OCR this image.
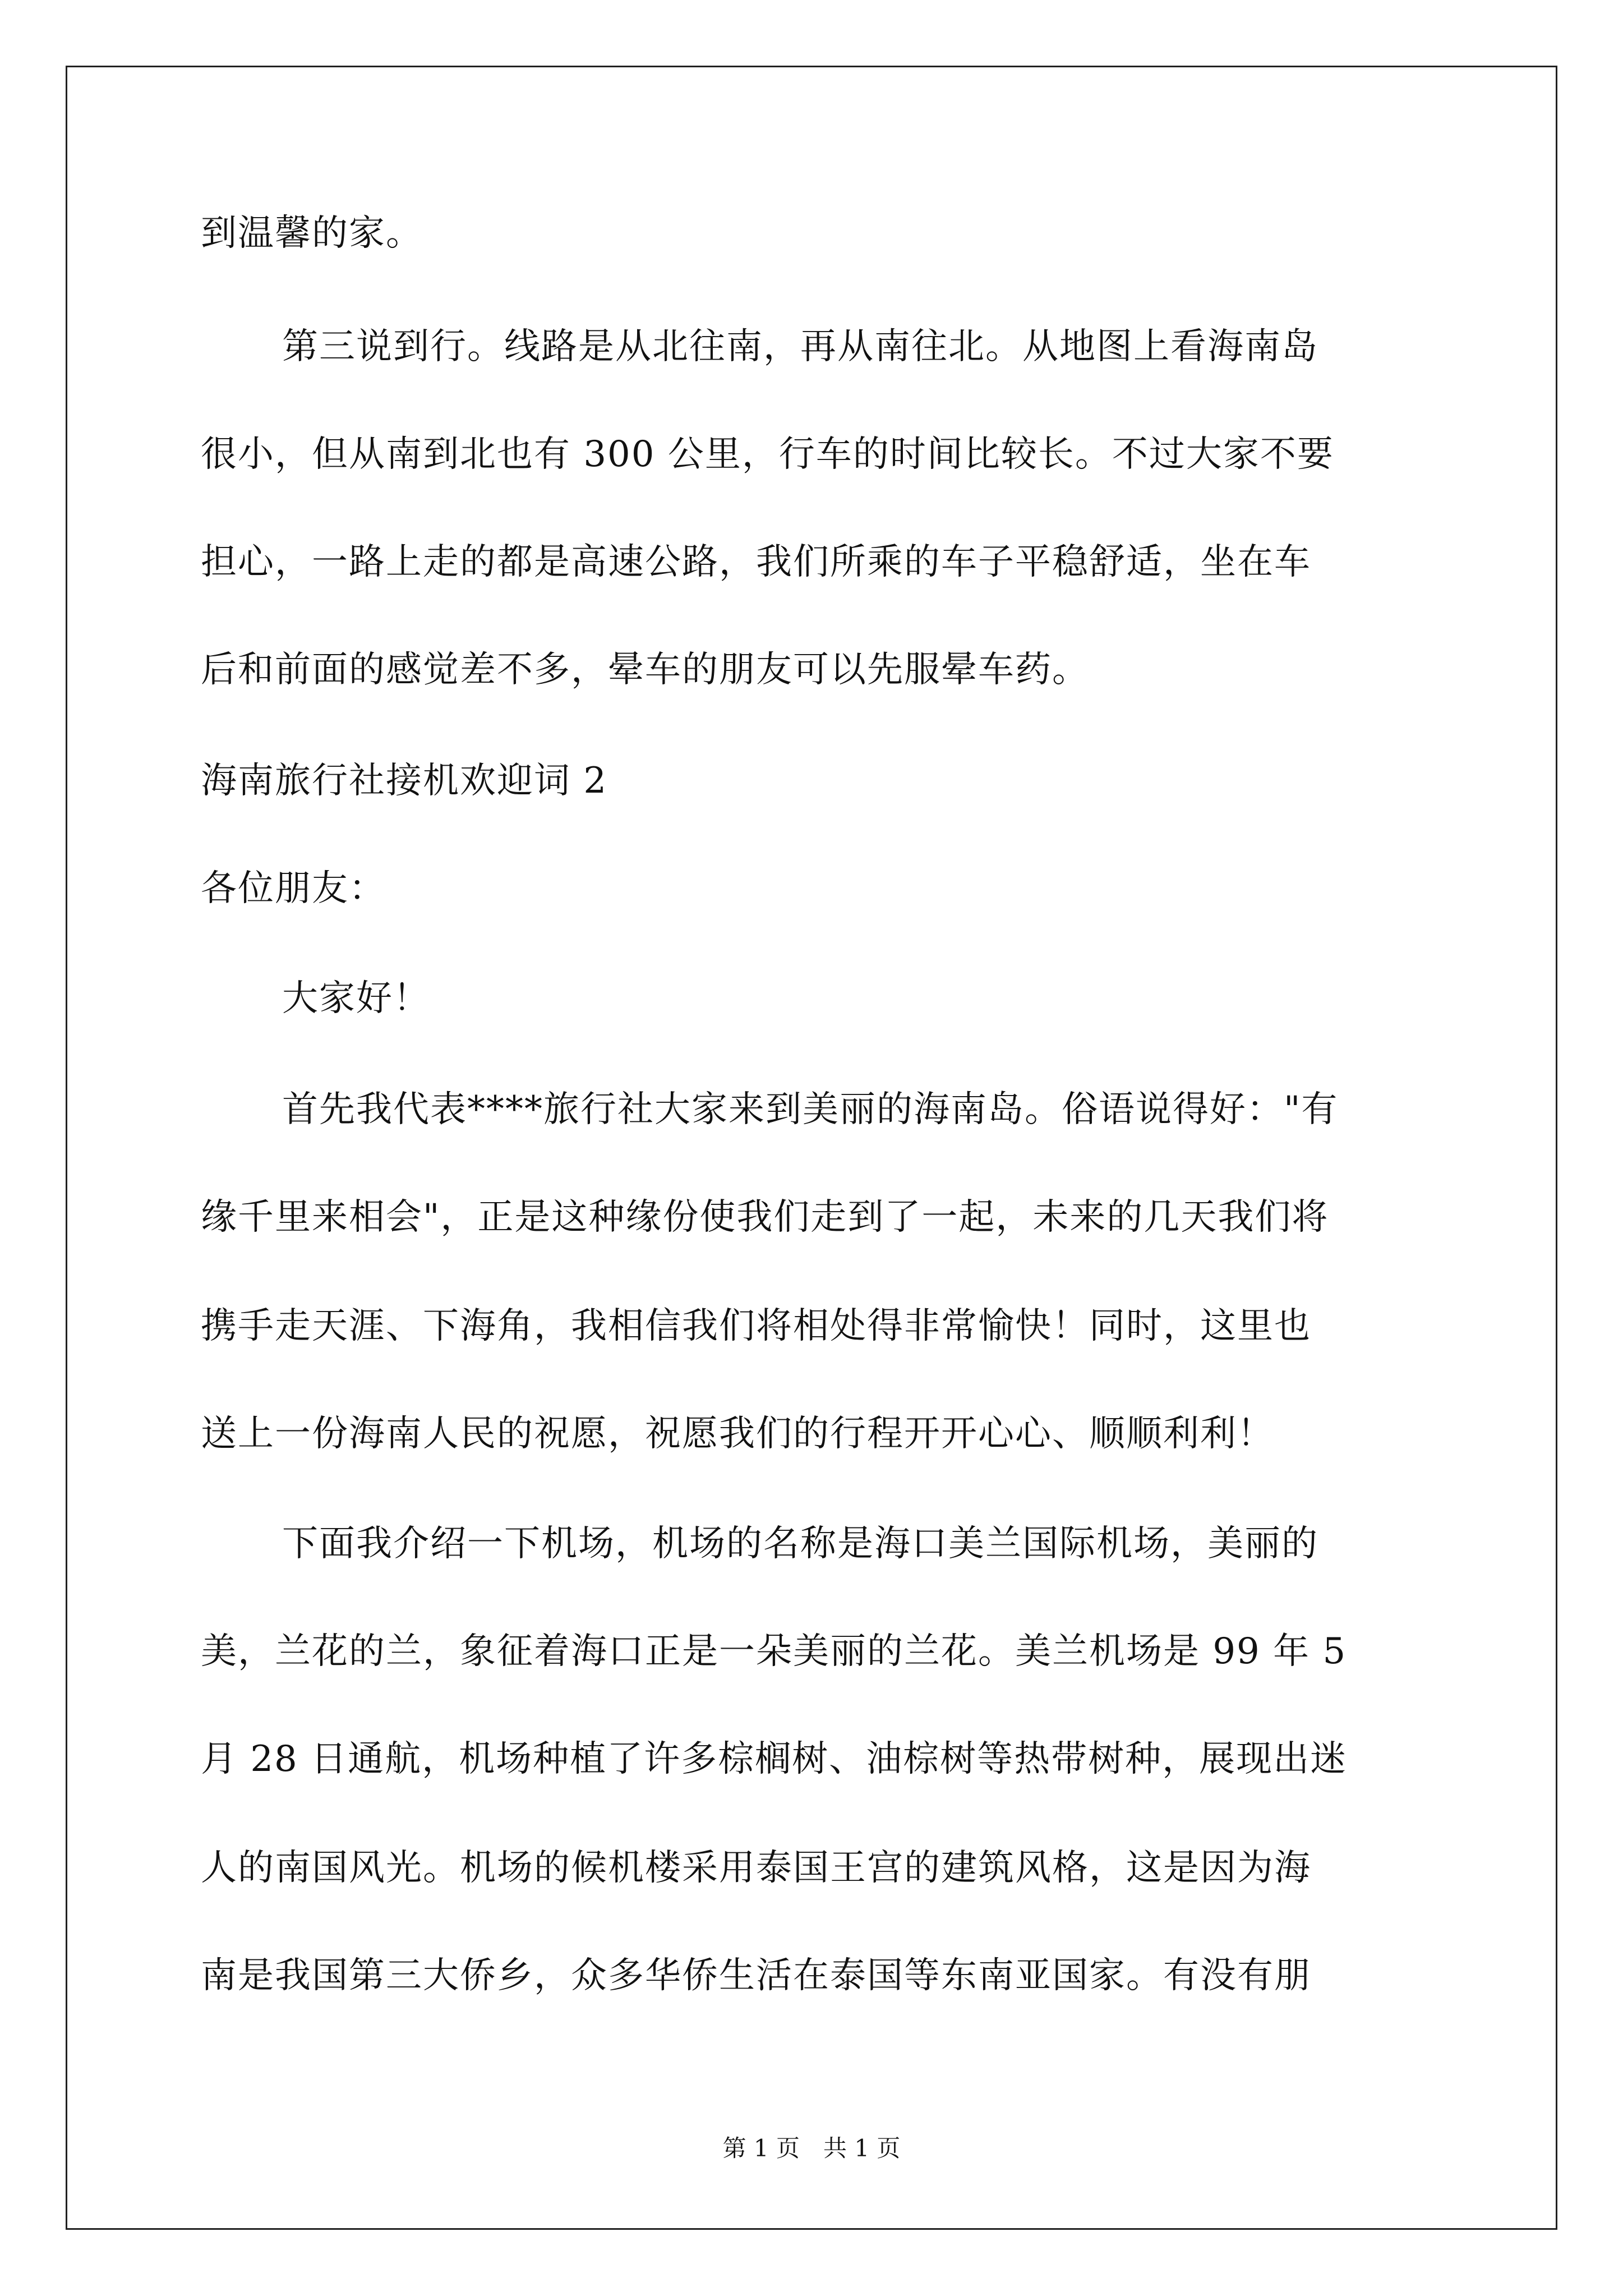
到温馨的家。
第三说到行。线路是从北往南，再从南往北。从地图上看海南岛
很小，但从南到北也有 300 公里，行车的时间比较长。不过大家不要
担心，一路上走的都是高速公路，我们所乘的车子平稳舒适，坐在车
后和前面的感觉差不多，晕车的朋友可以先服晕车药。
海南旅行社接机欢迎词 2
各位朋友：
大家好！
首先我代表****旅行社大家来到美丽的海南岛。俗语说得好："有
缘千里来相会"，正是这种缘份使我们走到了一起，未来的几天我们将
携手走天涯、下海角，我相信我们将相处得非常愉快！同时，这里也
送上一份海南人民的祝愿，祝愿我们的行程开开心心、顺顺利利！
下面我介绍一下机场，机场的名称是海口美兰国际机场，美丽的
美，兰花的兰，象征着海口正是一朵美丽的兰花。美兰机场是 99 年 5
月 28 日通航，机场种植了许多棕榈树、油棕树等热带树种，展现出迷
人的南国风光。机场的候机楼采用泰国王宫的建筑风格，这是因为海
南是我国第三大侨乡，众多华侨生活在泰国等东南亚国家。有没有朋
第 1 页　共 1 页
